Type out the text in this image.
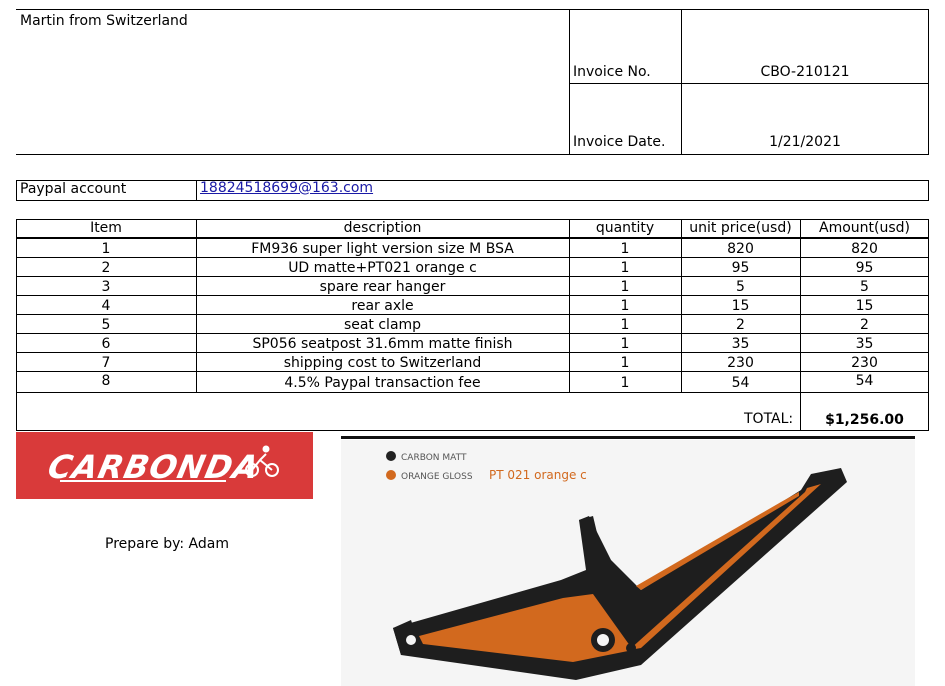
Martin from Switzerland
Invoice No.	CBO-210121
Invoice Date.	1/21/2021
Paypal account	18824518699@163.com
Item	description	quantity	unit price(usd)	Amount(usd)
1	FM936 super light version size M BSA	1	820	820
2	UD matte+PT021 orange c	1	95	95
3	spare rear hanger	1	5	5
4	rear axle	1	15	15
5	seat clamp	1	2	2
6	SP056 seatpost 31.6mm matte finish	1	35	35
7	shipping cost to Switzerland	1	230	230
8	4.5% Paypal transaction fee	1	54	54
TOTAL:	$1,256.00
CARBONDA
Prepare by: Adam
CARBON MATT
ORANGE GLOSS PT 021 orange c
